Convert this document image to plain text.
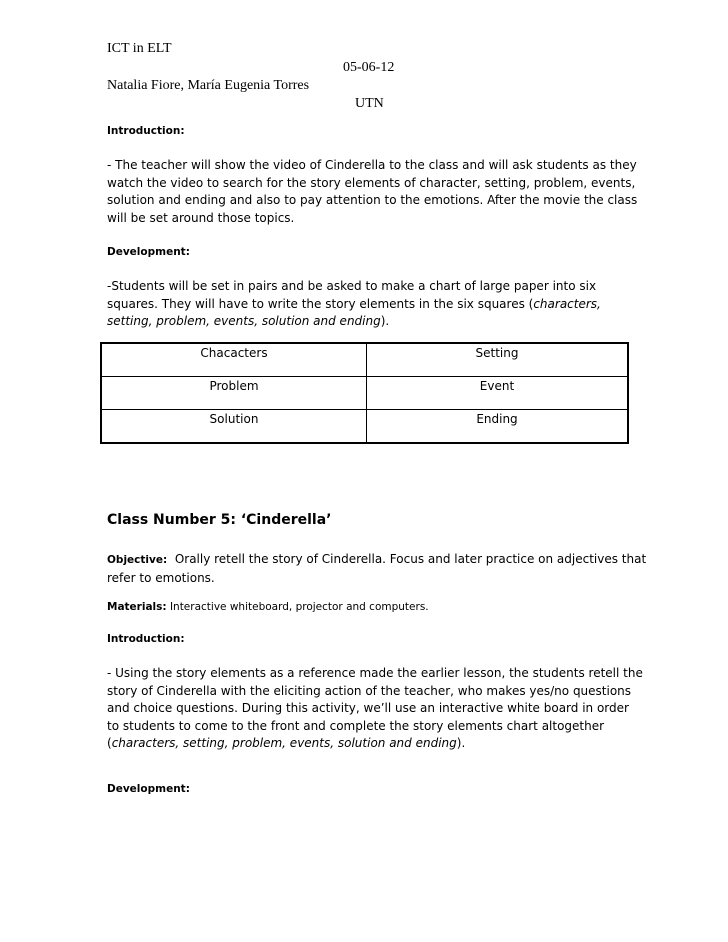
ICT in ELT
05-06-12
Natalia Fiore, María Eugenia Torres
UTN
Introduction:

- The teacher will show the video of Cinderella to the class and will ask students as they

watch the video to search for the story elements of character, setting, problem, events,

solution and ending and also to pay attention to the emotions. After the movie the class

will be set around those topics.

Development:

-Students will be set in pairs and be asked to make a chart of large paper into six

squares. They will have to write the story elements in the six squares (characters,

setting, problem, events, solution and ending).

Chacacters	Setting

Problem	Event

Solution	Ending
Class Number 5: ‘Cinderella’

Objective: Orally retell the story of Cinderella. Focus and later practice on adjectives that

refer to emotions.

Materials: Interactive whiteboard, projector and computers.
Introduction:

- Using the story elements as a reference made the earlier lesson, the students retell the

story of Cinderella with the eliciting action of the teacher, who makes yes/no questions

and choice questions. During this activity, we’ll use an interactive white board in order

to students to come to the front and complete the story elements chart altogether

(characters, setting, problem, events, solution and ending).

Development:
